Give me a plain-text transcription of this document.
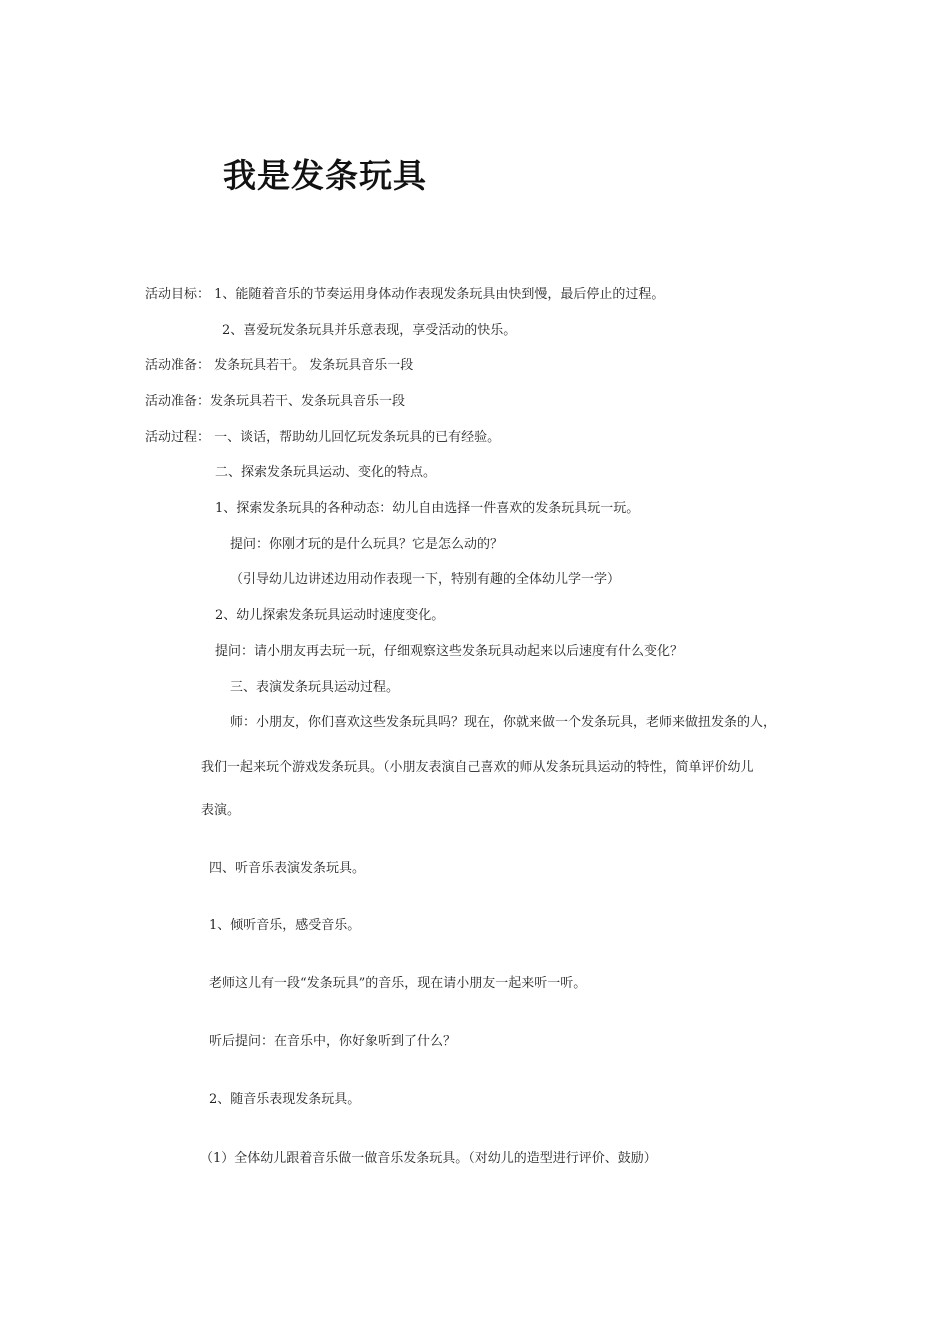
我是发条玩具

活动目标： 1、能随着音乐的节奏运用身体动作表现发条玩具由快到慢，最后停止的过程。

2、喜爱玩发条玩具并乐意表现，享受活动的快乐。

活动准备： 发条玩具若干。 发条玩具音乐一段

活动准备：发条玩具若干、发条玩具音乐一段

活动过程： 一、谈话，帮助幼儿回忆玩发条玩具的已有经验。

二、探索发条玩具运动、变化的特点。

1、探索发条玩具的各种动态：幼儿自由选择一件喜欢的发条玩具玩一玩。

提问：你刚才玩的是什么玩具？它是怎么动的？

（引导幼儿边讲述边用动作表现一下，特别有趣的全体幼儿学一学）

2、幼儿探索发条玩具运动时速度变化。

提问：请小朋友再去玩一玩，仔细观察这些发条玩具动起来以后速度有什么变化？

三、表演发条玩具运动过程。

师：小朋友，你们喜欢这些发条玩具吗？现在，你就来做一个发条玩具，老师来做扭发条的人，

我们一起来玩个游戏发条玩具。（小朋友表演自己喜欢的师从发条玩具运动的特性，简单评价幼儿

表演。

四、听音乐表演发条玩具。

1、倾听音乐，感受音乐。

老师这儿有一段“发条玩具”的音乐，现在请小朋友一起来听一听。

听后提问：在音乐中，你好象听到了什么？

2、随音乐表现发条玩具。

（1）全体幼儿跟着音乐做一做音乐发条玩具。（对幼儿的造型进行评价、鼓励）
